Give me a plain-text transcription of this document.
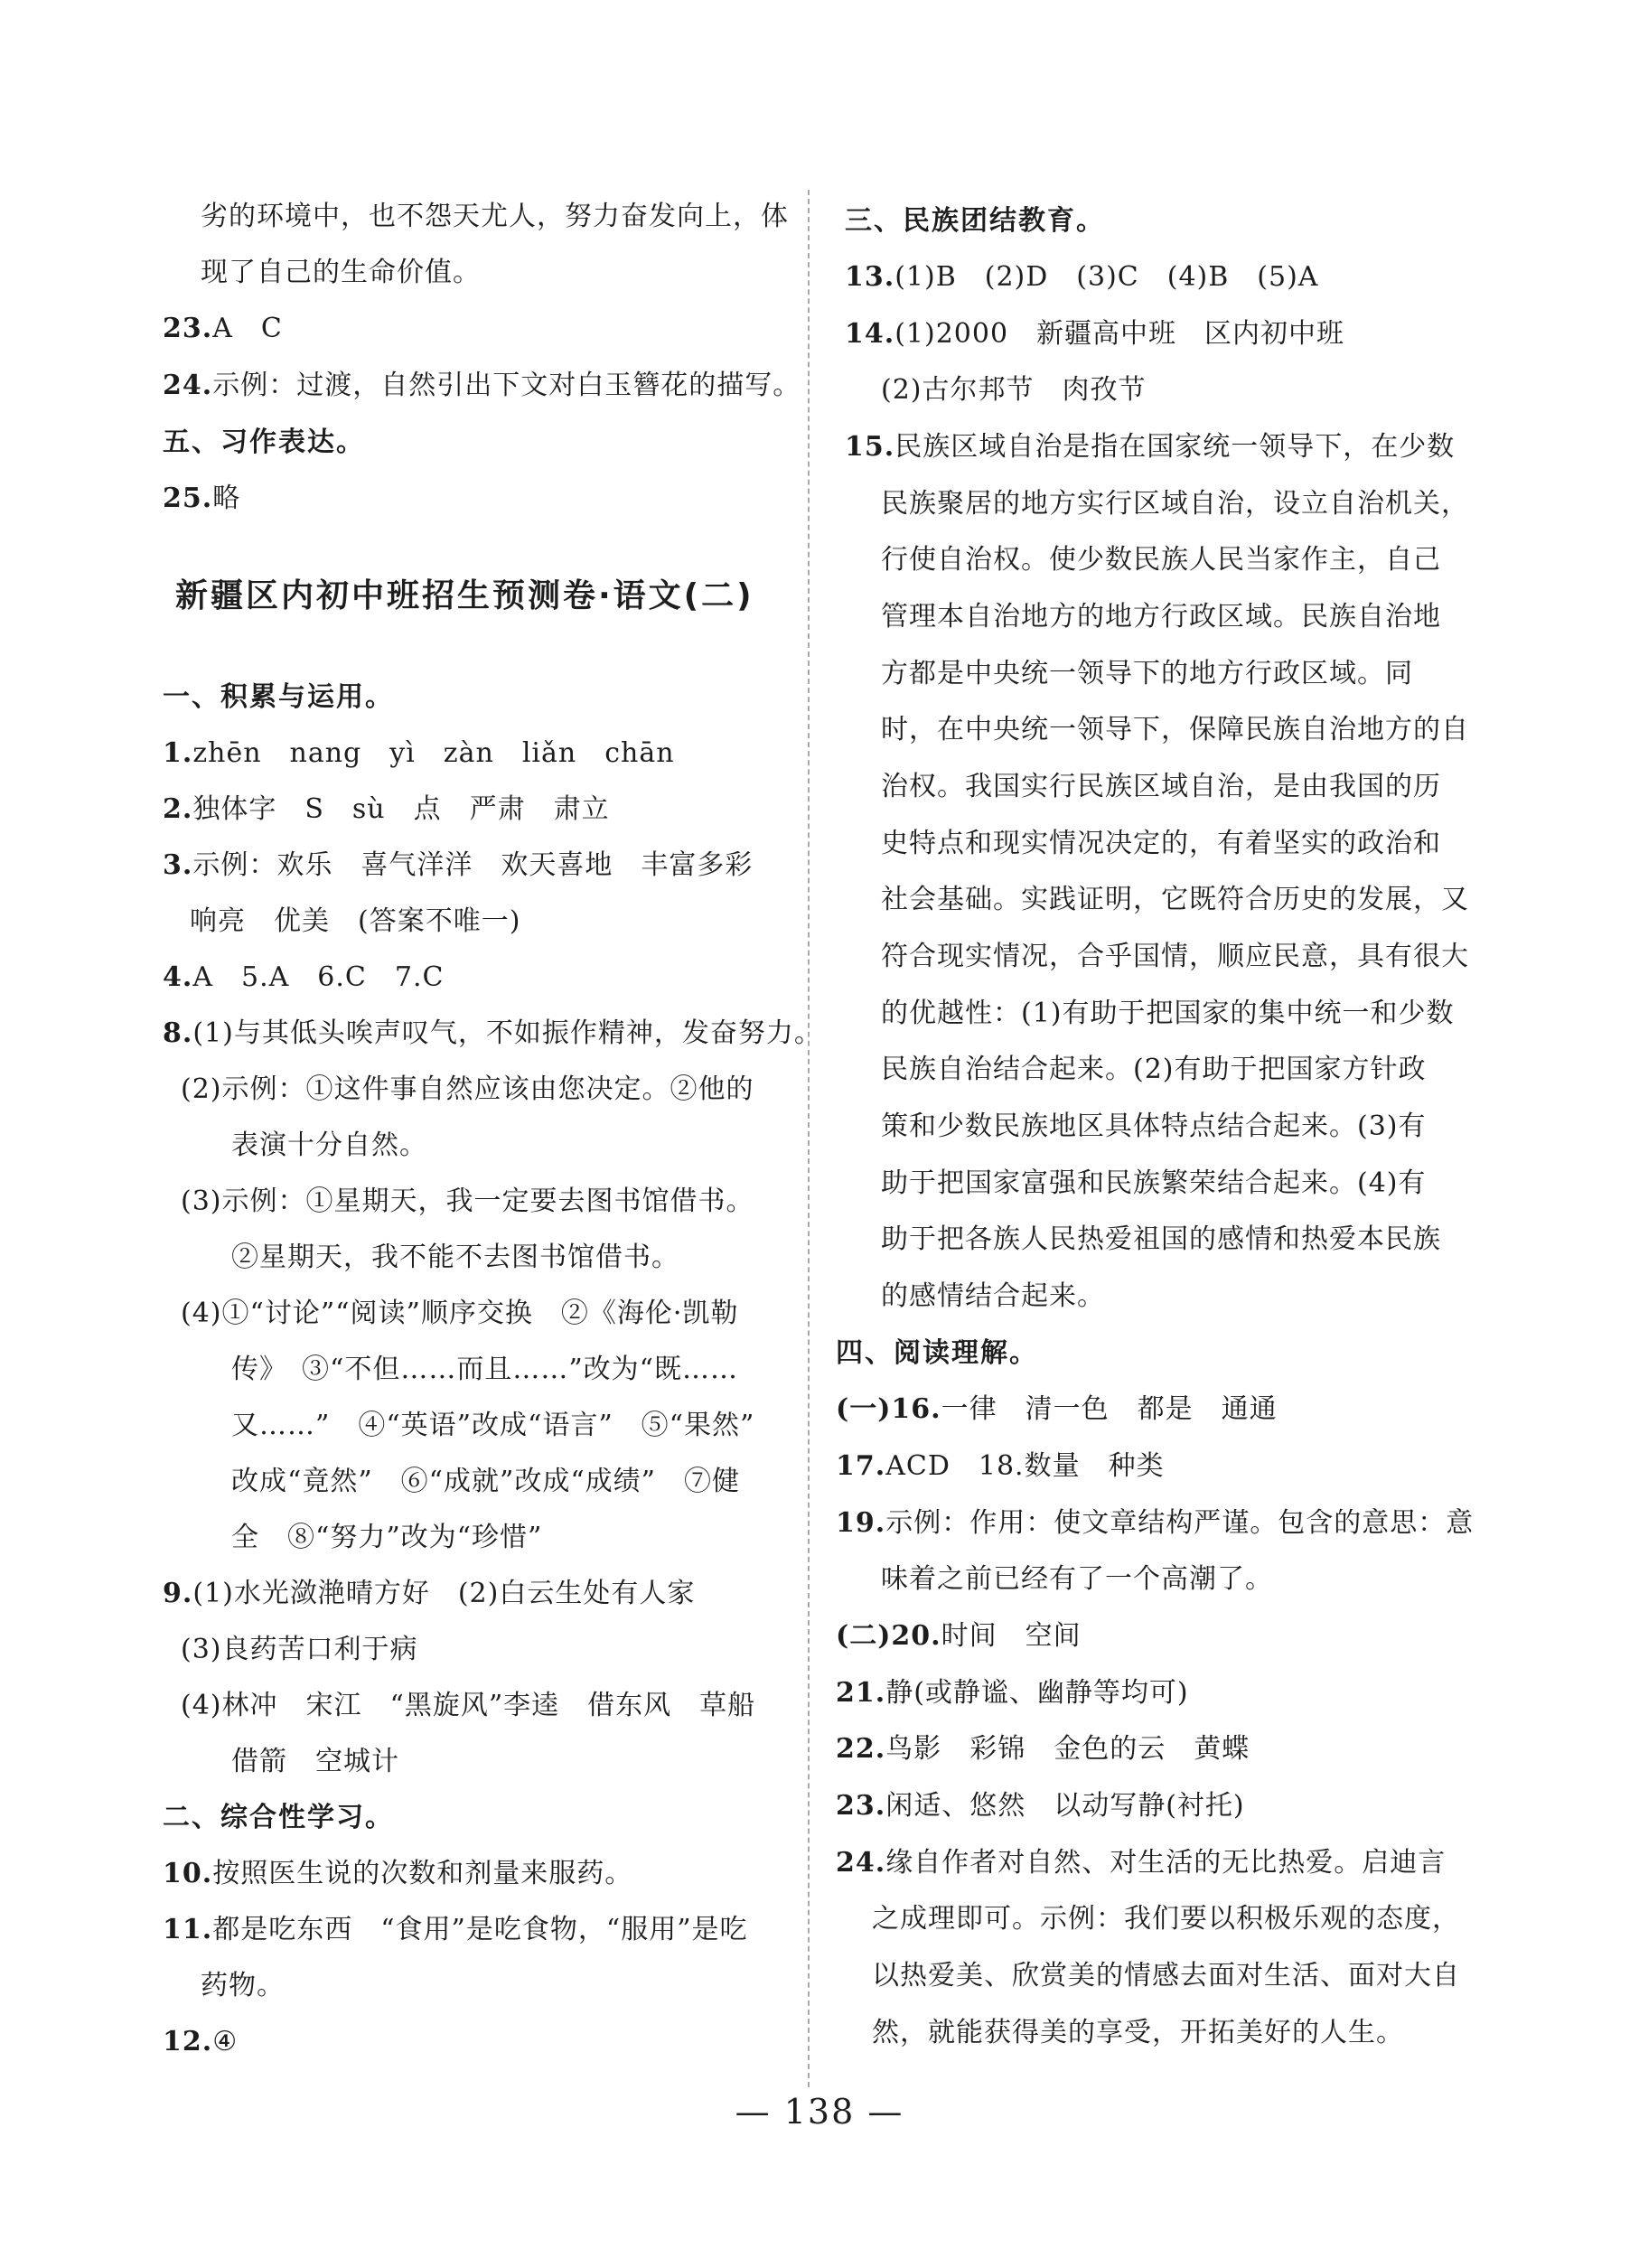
劣的环境中，也不怨天尤人，努力奋发向上，体
现了自己的生命价值。
23.A　C
24.示例：过渡，自然引出下文对白玉簪花的描写。
五、习作表达。
25.略
新疆区内初中班招生预测卷·语文(二)
一、积累与运用。
1.zhēn　nang　yì　zàn　liǎn　chān
2.独体字　S　sù　点　严肃　肃立
3.示例：欢乐　喜气洋洋　欢天喜地　丰富多彩
响亮　优美　(答案不唯一)
4.A　5.A　6.C　7.C
8.(1)与其低头唉声叹气，不如振作精神，发奋努力。
(2)示例：①这件事自然应该由您决定。②他的
表演十分自然。
(3)示例：①星期天，我一定要去图书馆借书。
②星期天，我不能不去图书馆借书。
(4)①“讨论”“阅读”顺序交换　②《海伦·凯勒
传》　③“不但……而且……”改为“既……
又……”　④“英语”改成“语言”　⑤“果然”
改成“竟然”　⑥“成就”改成“成绩”　⑦健
全　⑧“努力”改为“珍惜”
9.(1)水光潋滟晴方好　(2)白云生处有人家
(3)良药苦口利于病
(4)林冲　宋江　“黑旋风”李逵　借东风　草船
借箭　空城计
二、综合性学习。
10.按照医生说的次数和剂量来服药。
11.都是吃东西　“食用”是吃食物，“服用”是吃
药物。
12.④
三、民族团结教育。
13.(1)B　(2)D　(3)C　(4)B　(5)A
14.(1)2000　新疆高中班　区内初中班
(2)古尔邦节　肉孜节
15.民族区域自治是指在国家统一领导下，在少数
民族聚居的地方实行区域自治，设立自治机关，
行使自治权。使少数民族人民当家作主，自己
管理本自治地方的地方行政区域。民族自治地
方都是中央统一领导下的地方行政区域。同
时，在中央统一领导下，保障民族自治地方的自
治权。我国实行民族区域自治，是由我国的历
史特点和现实情况决定的，有着坚实的政治和
社会基础。实践证明，它既符合历史的发展，又
符合现实情况，合乎国情，顺应民意，具有很大
的优越性：(1)有助于把国家的集中统一和少数
民族自治结合起来。(2)有助于把国家方针政
策和少数民族地区具体特点结合起来。(3)有
助于把国家富强和民族繁荣结合起来。(4)有
助于把各族人民热爱祖国的感情和热爱本民族
的感情结合起来。
四、阅读理解。
(一)16.一律　清一色　都是　通通
17.ACD　18.数量　种类
19.示例：作用：使文章结构严谨。包含的意思：意
味着之前已经有了一个高潮了。
(二)20.时间　空间
21.静(或静谧、幽静等均可)
22.鸟影　彩锦　金色的云　黄蝶
23.闲适、悠然　以动写静(衬托)
24.缘自作者对自然、对生活的无比热爱。启迪言
之成理即可。示例：我们要以积极乐观的态度，
以热爱美、欣赏美的情感去面对生活、面对大自
然，就能获得美的享受，开拓美好的人生。
— 138 —
